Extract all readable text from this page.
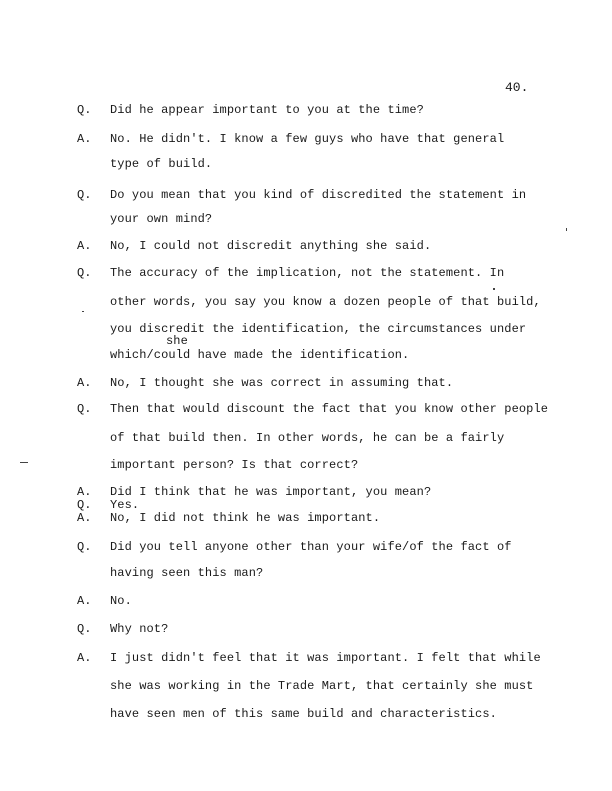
40.
Q.
A.
Q.
A.
Q.
A.
Q.
A.
Q.
A.
Q.
A.
Q.
A.
Did he appear important to you at the time?
No. He didn't. I know a few guys who have that general
type of build.
Do you mean that you kind of discredited the statement in
your own mind?
No, I could not discredit anything she said.
The accuracy of the implication, not the statement. In
other words, you say you know a dozen people of that build,
you discredit the identification, the circumstances under
she
which/could have made the identification.
No, I thought she was correct in assuming that.
Then that would discount the fact that you know other people
of that build then. In other words, he can be a fairly
important person? Is that correct?
Did I think that he was important, you mean?
Yes.
No, I did not think he was important.
Did you tell anyone other than your wife/of the fact of
having seen this man?
No.
Why not?
I just didn't feel that it was important. I felt that while
she was working in the Trade Mart, that certainly she must
have seen men of this same build and characteristics.
